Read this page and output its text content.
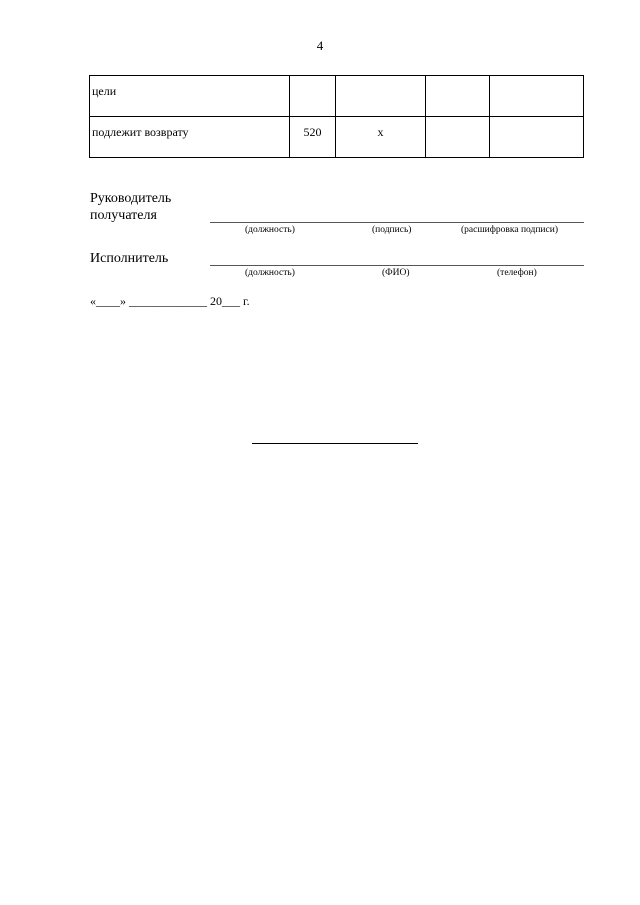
4
цели				

подлежит возврату	520	х		

Руководитель получателя
(должность)	(подпись)	(расшифровка подписи)
Исполнитель
(должность)	(ФИО)	(телефон)
«____» _____________ 20___ г.
